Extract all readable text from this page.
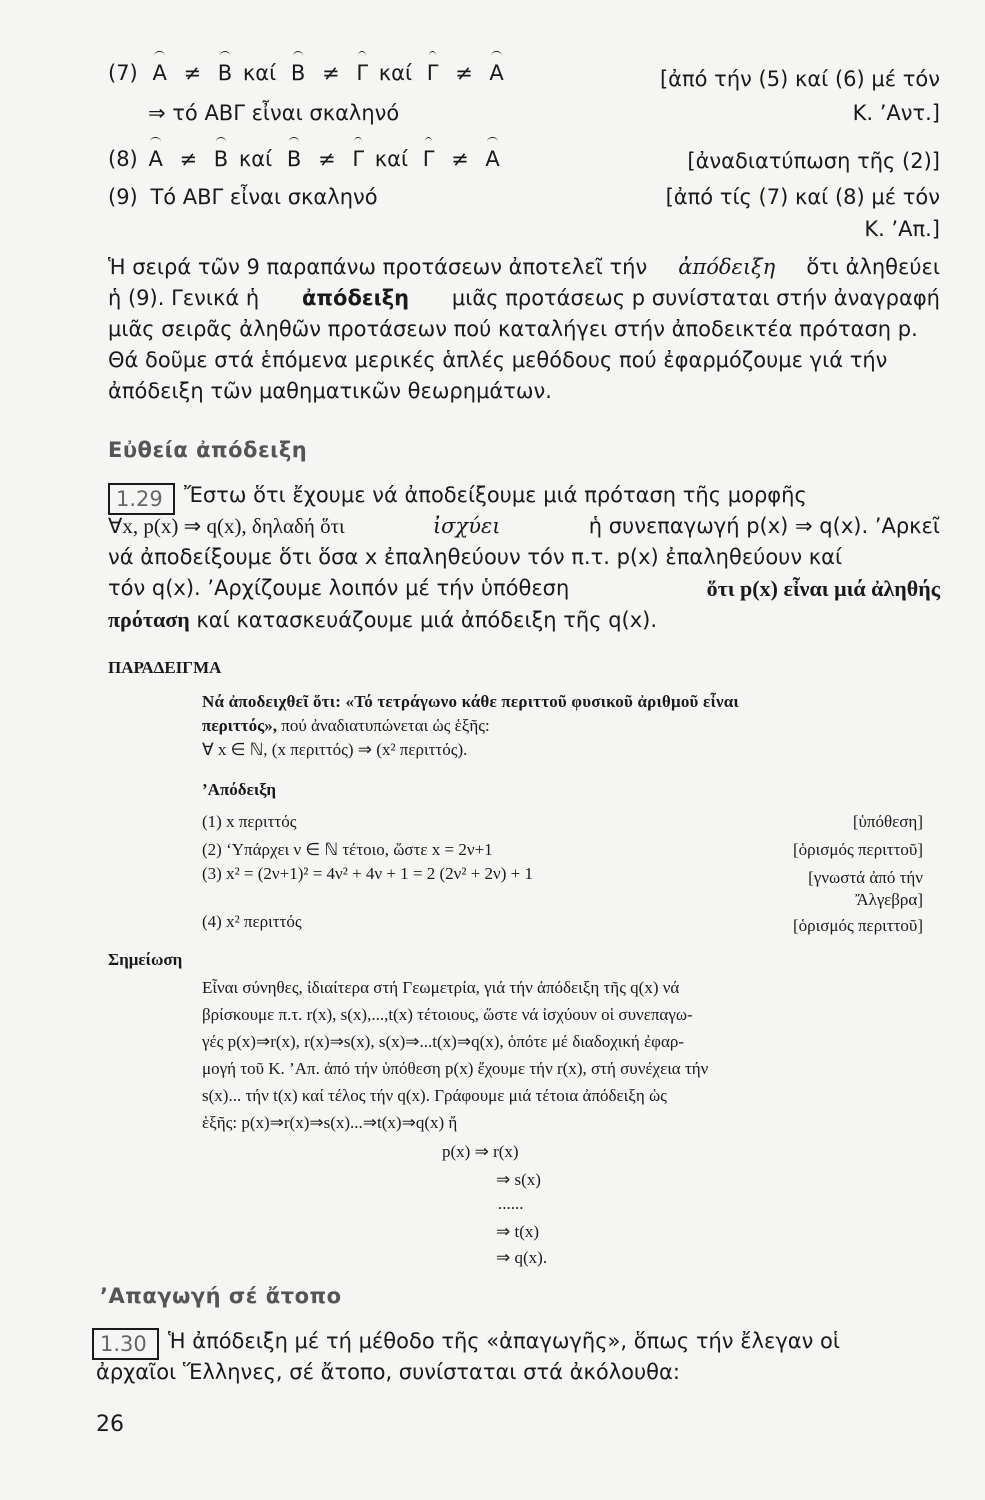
(7) Α ≠ Β καί Β ≠ Γ καί Γ ≠ Α	[ἀπό τήν (5) καί (6) μέ τόν
⇒ τό ΑΒΓ εἶναι σκαληνό	Κ. ’Αντ.]
(8) Α ≠ Β καί Β ≠ Γ καί Γ ≠ Α	[ἀναδιατύπωση τῆς (2)]
(9) Τό ΑΒΓ εἶναι σκαληνό	[ἀπό τίς (7) καί (8) μέ τόν
Κ. ’Απ.]
Ἡ σειρά τῶν 9 παραπάνω προτάσεων ἀποτελεῖ τήν ἀπόδειξη ὅτι ἀληθεύει
ἡ (9). Γενικά ἡ ἀπόδειξη μιᾶς προτάσεως p συνίσταται στήν ἀναγραφή
μιᾶς σειρᾶς ἀληθῶν προτάσεων πού καταλήγει στήν ἀποδεικτέα πρόταση p.
Θά δοῦμε στά ἑπόμενα μερικές ἁπλές μεθόδους πού ἐφαρμόζουμε γιά τήν
ἀπόδειξη τῶν μαθηματικῶν θεωρημάτων.
Εὐθεία ἀπόδειξη
1.29	Ἔστω ὅτι ἔχουμε νά ἀποδείξουμε μιά πρόταση τῆς μορφῆς
∀x, p(x) ⇒ q(x), δηλαδή ὅτι	ἰσχύει	ἡ συνεπαγωγή p(x) ⇒ q(x). ’Αρκεῖ
νά ἀποδείξουμε ὅτι ὅσα x ἐπαληθεύουν τόν π.τ. p(x) ἐπαληθεύουν καί
τόν q(x). ’Αρχίζουμε λοιπόν μέ τήν ὑπόθεση	ὅτι p(x) εἶναι μιά ἀληθής
πρόταση καί κατασκευάζουμε μιά ἀπόδειξη τῆς q(x).
ΠΑΡΑΔΕΙΓΜΑ
Νά ἀποδειχθεῖ ὅτι: «Τό τετράγωνο κάθε περιττοῦ φυσικοῦ ἀριθμοῦ εἶναι
περιττός», πού ἀναδιατυπώνεται ὡς ἑξῆς:
∀ x ∈ ℕ, (x περιττός) ⇒ (x² περιττός).
’Απόδειξη
(1) x περιττός	[ὑπόθεση]
(2) ‘Υπάρχει ν ∈ ℕ τέτοιο, ὥστε x = 2ν+1	[ὁρισμός περιττοῦ]
(3) x² = (2ν+1)² = 4ν² + 4ν + 1 = 2 (2ν² + 2ν) + 1	[γνωστά ἀπό τήν
Ἄλγεβρα]
(4) x² περιττός	[ὁρισμός περιττοῦ]
Σημείωση
Εἶναι σύνηθες, ἰδιαίτερα στή Γεωμετρία, γιά τήν ἀπόδειξη τῆς q(x) νά
βρίσκουμε π.τ. r(x), s(x),...,t(x) τέτοιους, ὥστε νά ἰσχύουν οἱ συνεπαγω-
γές p(x)⇒r(x), r(x)⇒s(x), s(x)⇒...t(x)⇒q(x), ὁπότε μέ διαδοχική ἐφαρ-
μογή τοῦ Κ. ’Απ. ἀπό τήν ὑπόθεση p(x) ἔχουμε τήν r(x), στή συνέχεια τήν
s(x)... τήν t(x) καί τέλος τήν q(x). Γράφουμε μιά τέτοια ἀπόδειξη ὡς
ἑξῆς: p(x)⇒r(x)⇒s(x)...⇒t(x)⇒q(x) ἤ
p(x) ⇒ r(x)
⇒ s(x)
......
⇒ t(x)
⇒ q(x).
’Απαγωγή σέ ἄτοπο
1.30	Ἡ ἀπόδειξη μέ τή μέθοδο τῆς «ἀπαγωγῆς», ὅπως τήν ἔλεγαν οἱ
ἀρχαῖοι Ἕλληνες, σέ ἄτοπο, συνίσταται στά ἀκόλουθα:
26
